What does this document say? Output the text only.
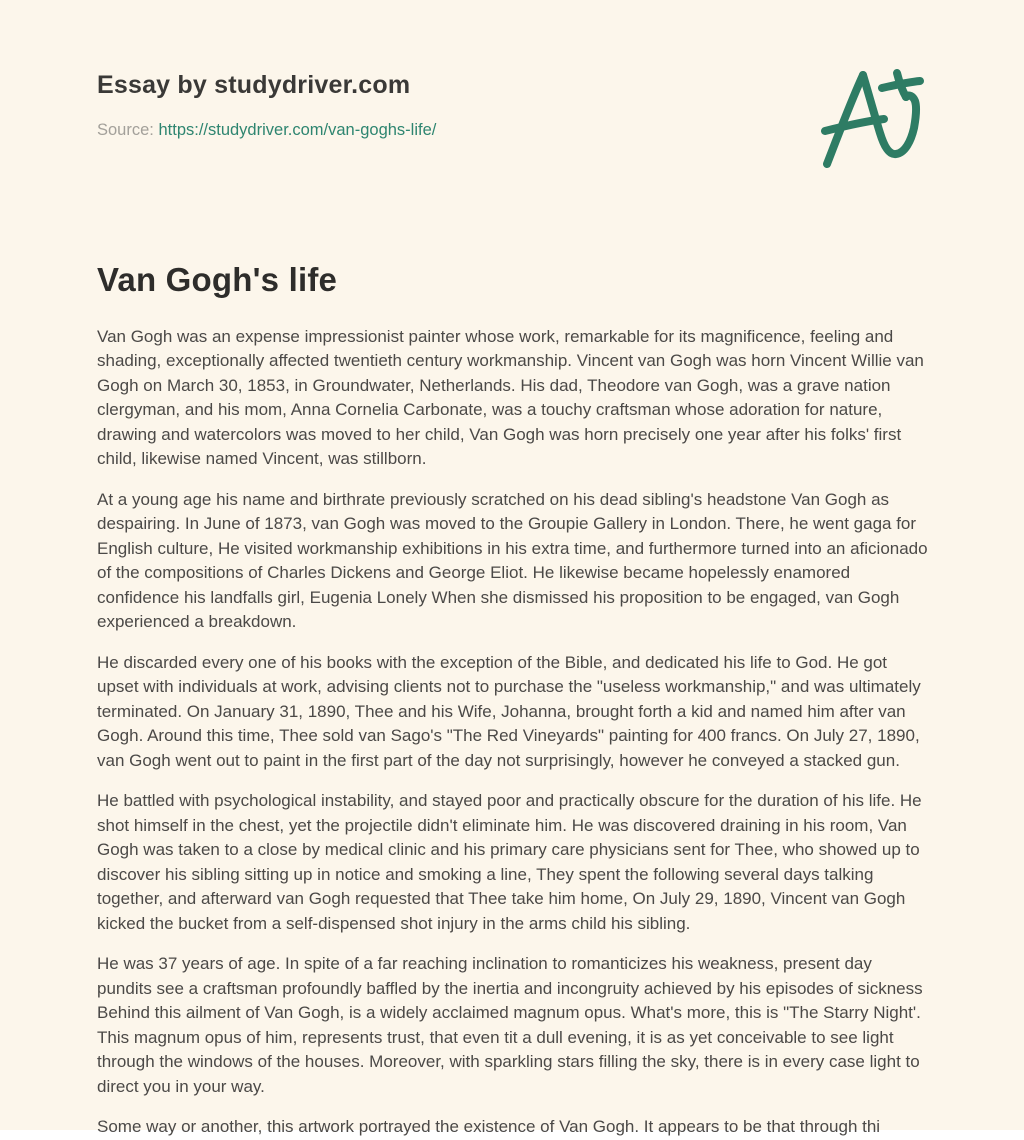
Essay by studydriver.com
Source: https://studydriver.com/van-goghs-life/
Van Gogh's life

Van Gogh was an expense impressionist painter whose work, remarkable for its magnificence, feeling and shading, exceptionally affected twentieth century workmanship. Vincent van Gogh was horn Vincent Willie van Gogh on March 30, 1853, in Groundwater, Netherlands. His dad, Theodore van Gogh, was a grave nation clergyman, and his mom, Anna Cornelia Carbonate, was a touchy craftsman whose adoration for nature, drawing and watercolors was moved to her child, Van Gogh was horn precisely one year after his folks' first child, likewise named Vincent, was stillborn.

At a young age his name and birthrate previously scratched on his dead sibling's headstone Van Gogh as despairing. In June of 1873, van Gogh was moved to the Groupie Gallery in London. There, he went gaga for English culture, He visited workmanship exhibitions in his extra time, and furthermore turned into an aficionado of the compositions of Charles Dickens and George Eliot. He likewise became hopelessly enamored confidence his landfalls girl, Eugenia Lonely When she dismissed his proposition to be engaged, van Gogh experienced a breakdown.

He discarded every one of his books with the exception of the Bible, and dedicated his life to God. He got upset with individuals at work, advising clients not to purchase the "useless workmanship," and was ultimately terminated. On January 31, 1890, Thee and his Wife, Johanna, brought forth a kid and named him after van Gogh. Around this time, Thee sold van Sago's "The Red Vineyards" painting for 400 francs. On July 27, 1890, van Gogh went out to paint in the first part of the day not surprisingly, however he conveyed a stacked gun.

He battled with psychological instability, and stayed poor and practically obscure for the duration of his life. He shot himself in the chest, yet the projectile didn't eliminate him. He was discovered draining in his room, Van Gogh was taken to a close by medical clinic and his primary care physicians sent for Thee, who showed up to discover his sibling sitting up in notice and smoking a line, They spent the following several days talking together, and afterward van Gogh requested that Thee take him home, On July 29, 1890, Vincent van Gogh kicked the bucket from a self-dispensed shot injury in the arms child his sibling.

He was 37 years of age. In spite of a far reaching inclination to romanticizes his weakness, present day pundits see a craftsman profoundly baffled by the inertia and incongruity achieved by his episodes of sickness Behind this ailment of Van Gogh, is a widely acclaimed magnum opus. What's more, this is "The Starry Night'. This magnum opus of him, represents trust, that even tit a dull evening, it is as yet conceivable to see light through the windows of the houses. Moreover, with sparkling stars filling the sky, there is in every case light to direct you in your way.

Some way or another, this artwork portrayed the existence of Van Gogh. It appears to be that through thi
